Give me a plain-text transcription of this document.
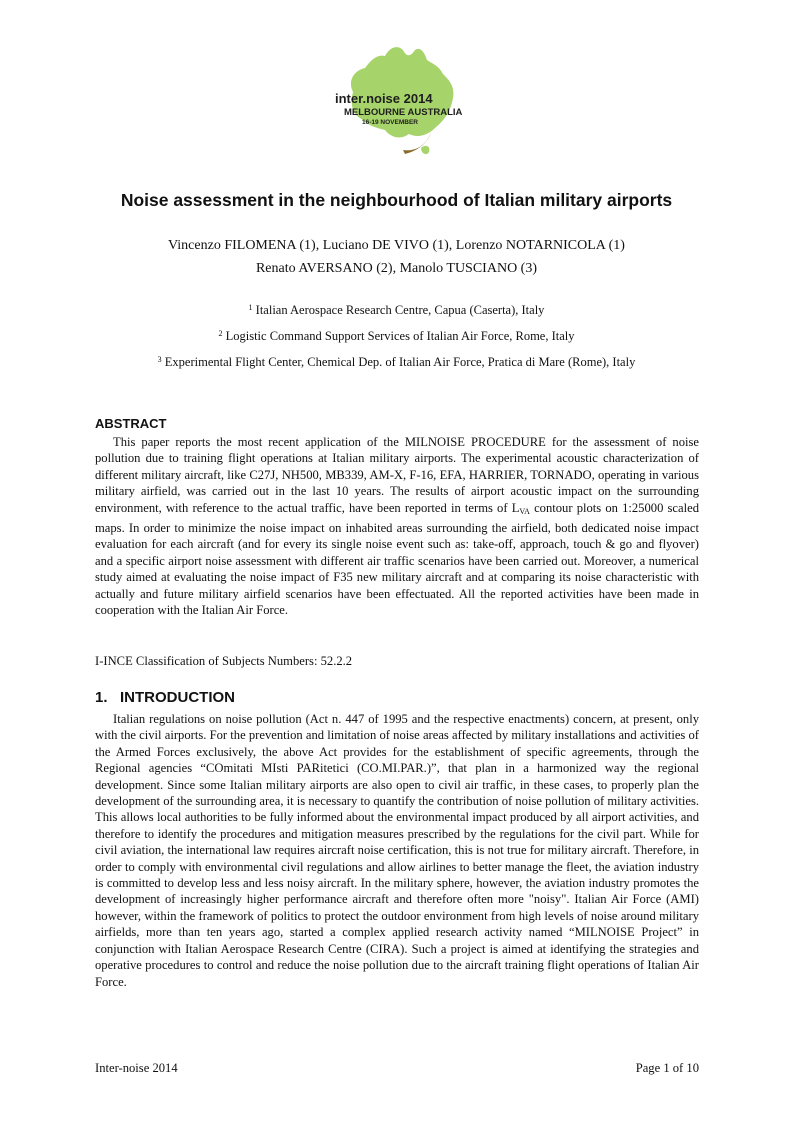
inter.noise 2014
MELBOURNE AUSTRALIA
16-19 NOVEMBER
Noise assessment in the neighbourhood of Italian military airports
Vincenzo FILOMENA (1), Luciano DE VIVO (1), Lorenzo NOTARNICOLA (1)
Renato AVERSANO (2), Manolo TUSCIANO (3)
$^1$ Italian Aerospace Research Centre, Capua (Caserta), Italy
$^2$ Logistic Command Support Services of Italian Air Force, Rome, Italy
$^3$ Experimental Flight Center, Chemical Dep. of Italian Air Force, Pratica di Mare (Rome), Italy
ABSTRACT
This paper reports the most recent application of the MILNOISE PROCEDURE for the assessment of noise pollution due to training flight operations at Italian military airports. The experimental acoustic characterization of different military aircraft, like C27J, NH500, MB339, AM-X, F-16, EFA, HARRIER, TORNADO, operating in various military airfield, was carried out in the last 10 years. The results of airport acoustic impact on the surrounding environment, with reference to the actual traffic, have been reported in terms of $L_{VA}$ contour plots on 1:25000 scaled maps. In order to minimize the noise impact on inhabited areas surrounding the airfield, both dedicated noise impact evaluation for each aircraft (and for every its single noise event such as: take-off, approach, touch & go and flyover) and a specific airport noise assessment with different air traffic scenarios have been carried out. Moreover, a numerical study aimed at evaluating the noise impact of F35 new military aircraft and at comparing its noise characteristic with actually and future military airfield scenarios have been effectuated. All the reported activities have been made in cooperation with the Italian Air Force.
I-INCE Classification of Subjects Numbers: 52.2.2
1. INTRODUCTION
Italian regulations on noise pollution (Act n. 447 of 1995 and the respective enactments) concern, at present, only with the civil airports. For the prevention and limitation of noise areas affected by military installations and activities of the Armed Forces exclusively, the above Act provides for the establishment of specific agreements, through the Regional agencies “COmitati MIsti PARitetici (CO.MI.PAR.)”, that plan in a harmonized way the regional development. Since some Italian military airports are also open to civil air traffic, in these cases, to properly plan the development of the surrounding area, it is necessary to quantify the contribution of noise pollution of military activities. This allows local authorities to be fully informed about the environmental impact produced by all airport activities, and therefore to identify the procedures and mitigation measures prescribed by the regulations for the civil part. While for civil aviation, the international law requires aircraft noise certification, this is not true for military aircraft. Therefore, in order to comply with environmental civil regulations and allow airlines to better manage the fleet, the aviation industry is committed to develop less and less noisy aircraft. In the military sphere, however, the aviation industry promotes the development of increasingly higher performance aircraft and therefore often more "noisy". Italian Air Force (AMI) however, within the framework of politics to protect the outdoor environment from high levels of noise around military airfields, more than ten years ago, started a complex applied research activity named “MILNOISE Project” in conjunction with Italian Aerospace Research Centre (CIRA). Such a project is aimed at identifying the strategies and operative procedures to control and reduce the noise pollution due to the aircraft training flight operations of Italian Air Force.
Inter-noise 2014	Page 1 of 10
